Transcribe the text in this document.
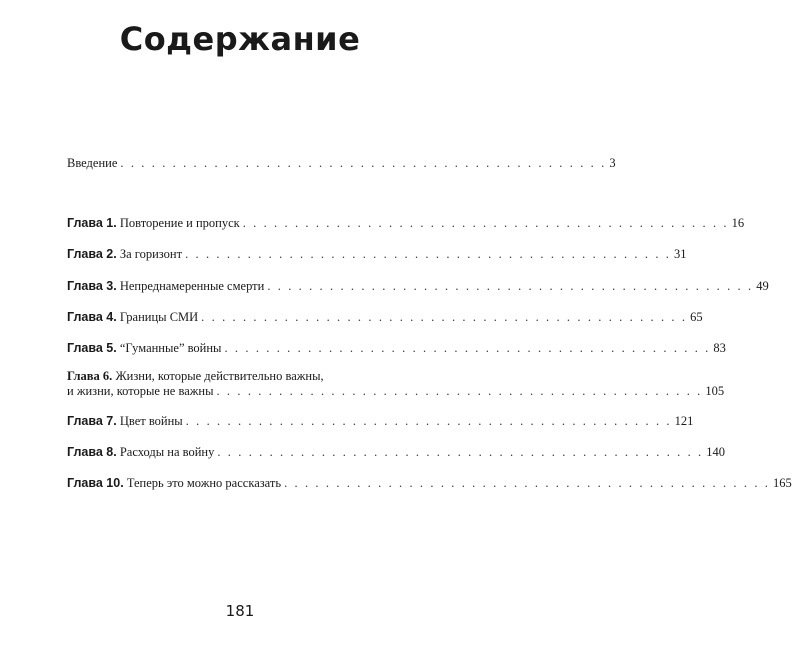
Содержание
Введение . . . . . . . . . . . . . . . . . . . . . . . . . . . . . . . . . . . . . . . . . . . . . . . 3
Глава 1. Повторение и пропуск . . . . . . . . . . . . . . . . . . . . . . . . . . . . . . . . . . . . . . . . . . . . . . . 16
Глава 2. За горизонт . . . . . . . . . . . . . . . . . . . . . . . . . . . . . . . . . . . . . . . . . . . . . . . 31
Глава 3. Непреднамеренные смерти . . . . . . . . . . . . . . . . . . . . . . . . . . . . . . . . . . . . . . . . . . . . . . . 49
Глава 4. Границы СМИ . . . . . . . . . . . . . . . . . . . . . . . . . . . . . . . . . . . . . . . . . . . . . . . 65
Глава 5. “Гуманные” войны . . . . . . . . . . . . . . . . . . . . . . . . . . . . . . . . . . . . . . . . . . . . . . . 83
Глава 6. Жизни, которые действительно важны,
и жизни, которые не важны . . . . . . . . . . . . . . . . . . . . . . . . . . . . . . . . . . . . . . . . . . . . . . . 105
Глава 7. Цвет войны . . . . . . . . . . . . . . . . . . . . . . . . . . . . . . . . . . . . . . . . . . . . . . . 121
Глава 8. Расходы на войну . . . . . . . . . . . . . . . . . . . . . . . . . . . . . . . . . . . . . . . . . . . . . . . 140
Глава 10. Теперь это можно рассказать . . . . . . . . . . . . . . . . . . . . . . . . . . . . . . . . . . . . . . . . . . . . . . . 165
181
